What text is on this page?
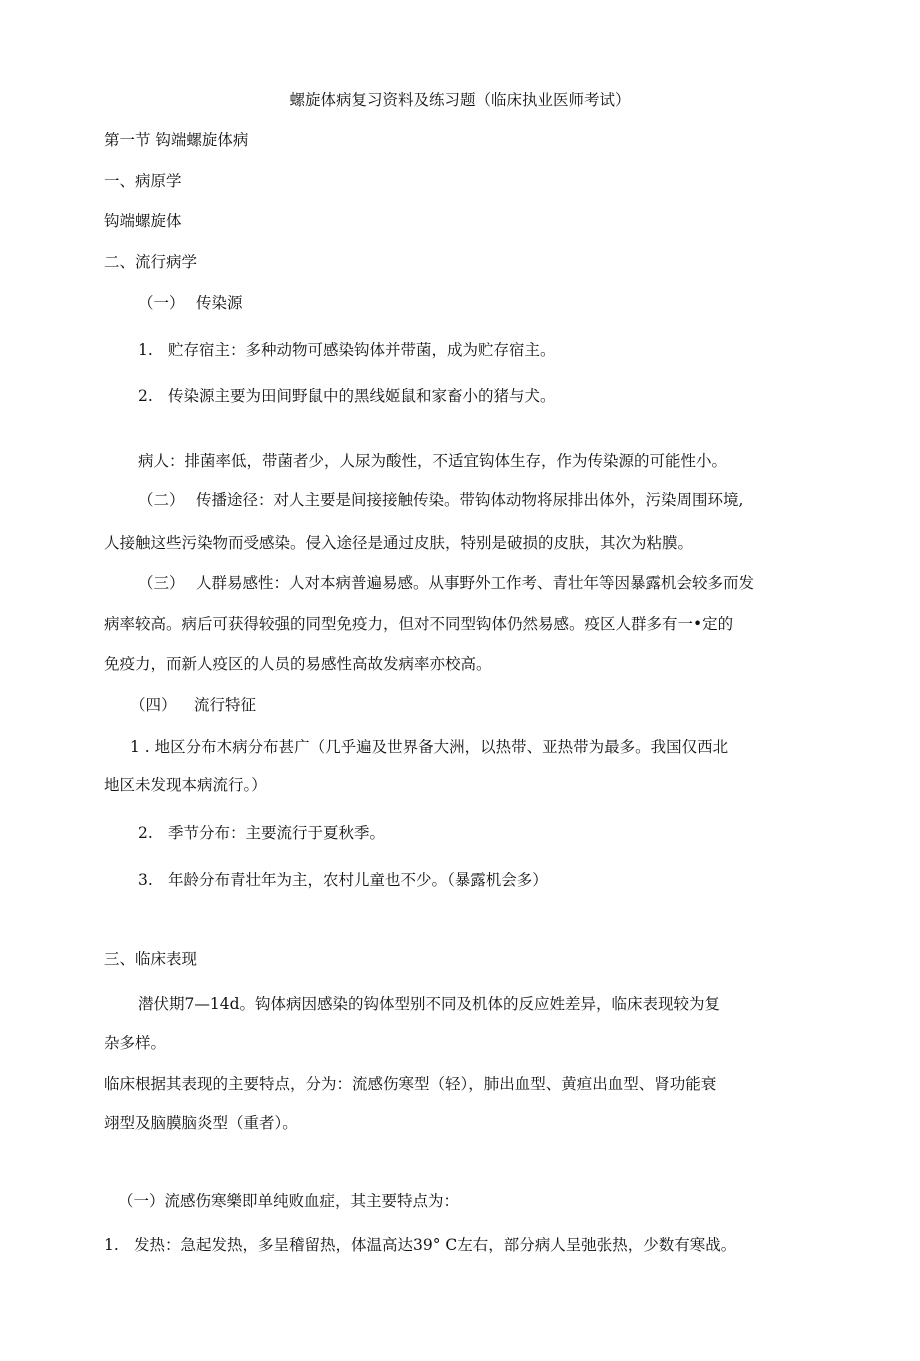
螺旋体病复习资料及练习题（临床执业医师考试）
第一节 钩端螺旋体病
一、病原学
钩端螺旋体
二、流行病学
（一） 传染源
1. 贮存宿主：多种动物可感染钩体并带菌，成为贮存宿主。
2. 传染源主要为田间野鼠中的黑线姬鼠和家畜小的猪与犬。
病人：排菌率低，带菌者少，人尿为酸性，不适宜钩体生存，作为传染源的可能性小。
（二） 传播途径：对人主要是间接接触传染。带钩体动物将尿排出体外，污染周围环境,
人接触这些污染物而受感染。侵入途径是通过皮肤，特别是破损的皮肤，其次为粘膜。
（三） 人群易感性：人对本病普遍易感。从事野外工作考、青壮年等因暴露机会较多而发
病率较高。病后可获得较强的同型免疫力，但对不同型钩体仍然易感。疫区人群多有一•定的
免疫力，而新人疫区的人员的易感性高故发病率亦校高。
（四） 流行特征
1 . 地区分布木病分布甚广（几乎遍及世界备大洲，以热带、亚热带为最多。我国仅西北
地区未发现本病流行。）
2. 季节分布：主要流行于夏秋季。
3. 年龄分布青壮年为主，农村儿童也不少。（暴露机会多）
三、临床表现
潜伏期7—14d。钩体病因感染的钩体型别不同及机体的反应姓差异，临床表现较为复
杂多样。
临床根据其表现的主要特点，分为：流感伤寒型（轻），肺出血型、黄疸出血型、肾功能衰
翊型及脑膜脑炎型（重者）。
（一）流感伤寒樂即单纯败血症，其主要特点为：
1. 发热：急起发热，多呈稽留热，体温高达39° C左右，部分病人呈弛张热，少数有寒战。
